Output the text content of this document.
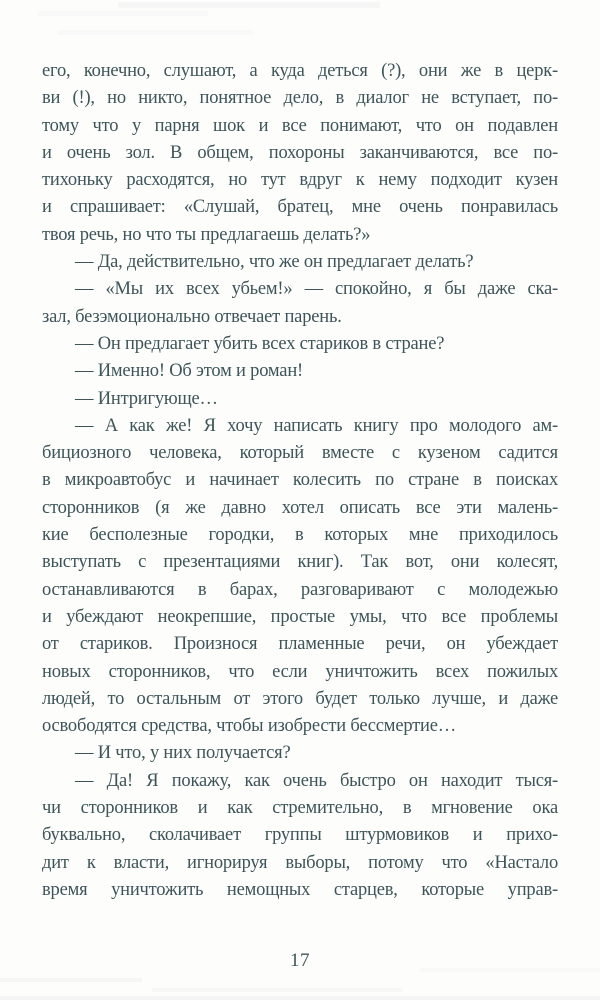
его, конечно, слушают, а куда деться (?), они же в церк-
ви (!), но никто, понятное дело, в диалог не вступает, по-
тому что у парня шок и все понимают, что он подавлен
и очень зол. В общем, похороны заканчиваются, все по-
тихоньку расходятся, но тут вдруг к нему подходит кузен
и спрашивает: «Слушай, братец, мне очень понравилась
твоя речь, но что ты предлагаешь делать?»
— Да, действительно, что же он предлагает делать?
— «Мы их всех убьем!» — спокойно, я бы даже ска-
зал, безэмоционально отвечает парень.
— Он предлагает убить всех стариков в стране?
— Именно! Об этом и роман!
— Интригующе…
— А как же! Я хочу написать книгу про молодого ам-
бициозного человека, который вместе с кузеном садится
в микроавтобус и начинает колесить по стране в поисках
сторонников (я же давно хотел описать все эти малень-
кие бесполезные городки, в которых мне приходилось
выступать с презентациями книг). Так вот, они колесят,
останавливаются в барах, разговаривают с молодежью
и убеждают неокрепшие, простые умы, что все проблемы
от стариков. Произнося пламенные речи, он убеждает
новых сторонников, что если уничтожить всех пожилых
людей, то остальным от этого будет только лучше, и даже
освободятся средства, чтобы изобрести бессмертие…
— И что, у них получается?
— Да! Я покажу, как очень быстро он находит тыся-
чи сторонников и как стремительно, в мгновение ока
буквально, сколачивает группы штурмовиков и прихо-
дит к власти, игнорируя выборы, потому что «Настало
время уничтожить немощных старцев, которые управ-
17
